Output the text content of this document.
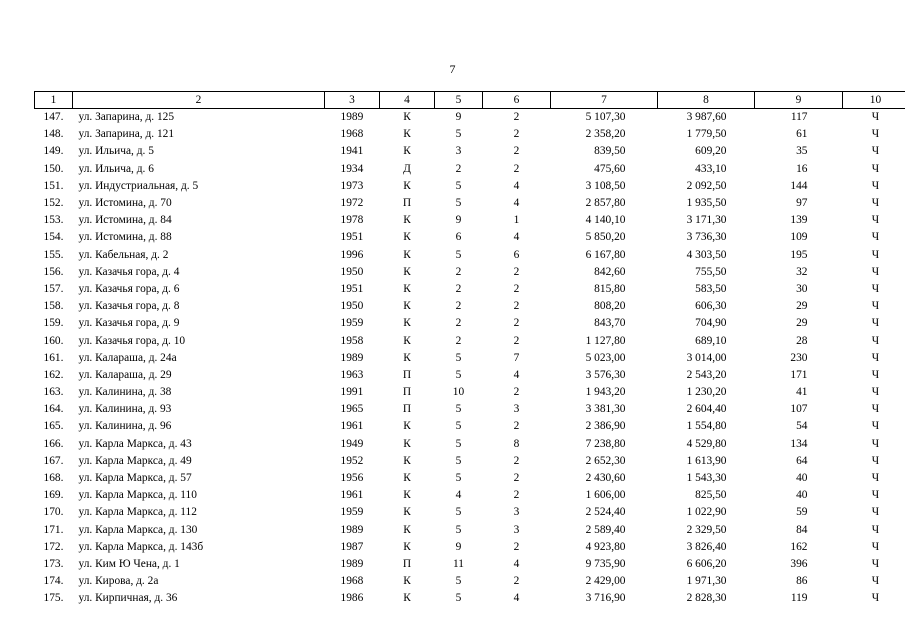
7
1	2	3	4	5	6	7	8	9	10
147.	ул. Запарина, д. 125	1989	К	9	2	5 107,30	3 987,60	117	Ч
148.	ул. Запарина, д. 121	1968	К	5	2	2 358,20	1 779,50	61	Ч
149.	ул. Ильича, д. 5	1941	К	3	2	839,50	609,20	35	Ч
150.	ул. Ильича, д. 6	1934	Д	2	2	475,60	433,10	16	Ч
151.	ул. Индустриальная, д. 5	1973	К	5	4	3 108,50	2 092,50	144	Ч
152.	ул. Истомина, д. 70	1972	П	5	4	2 857,80	1 935,50	97	Ч
153.	ул. Истомина, д. 84	1978	К	9	1	4 140,10	3 171,30	139	Ч
154.	ул. Истомина, д. 88	1951	К	6	4	5 850,20	3 736,30	109	Ч
155.	ул. Кабельная, д. 2	1996	К	5	6	6 167,80	4 303,50	195	Ч
156.	ул. Казачья гора, д. 4	1950	К	2	2	842,60	755,50	32	Ч
157.	ул. Казачья гора, д. 6	1951	К	2	2	815,80	583,50	30	Ч
158.	ул. Казачья гора, д. 8	1950	К	2	2	808,20	606,30	29	Ч
159.	ул. Казачья гора, д. 9	1959	К	2	2	843,70	704,90	29	Ч
160.	ул. Казачья гора, д. 10	1958	К	2	2	1 127,80	689,10	28	Ч
161.	ул. Калараша, д. 24а	1989	К	5	7	5 023,00	3 014,00	230	Ч
162.	ул. Калараша, д. 29	1963	П	5	4	3 576,30	2 543,20	171	Ч
163.	ул. Калинина, д. 38	1991	П	10	2	1 943,20	1 230,20	41	Ч
164.	ул. Калинина, д. 93	1965	П	5	3	3 381,30	2 604,40	107	Ч
165.	ул. Калинина, д. 96	1961	К	5	2	2 386,90	1 554,80	54	Ч
166.	ул. Карла Маркса, д. 43	1949	К	5	8	7 238,80	4 529,80	134	Ч
167.	ул. Карла Маркса, д. 49	1952	К	5	2	2 652,30	1 613,90	64	Ч
168.	ул. Карла Маркса, д. 57	1956	К	5	2	2 430,60	1 543,30	40	Ч
169.	ул. Карла Маркса, д. 110	1961	К	4	2	1 606,00	825,50	40	Ч
170.	ул. Карла Маркса, д. 112	1959	К	5	3	2 524,40	1 022,90	59	Ч
171.	ул. Карла Маркса, д. 130	1989	К	5	3	2 589,40	2 329,50	84	Ч
172.	ул. Карла Маркса, д. 143б	1987	К	9	2	4 923,80	3 826,40	162	Ч
173.	ул. Ким Ю Чена, д. 1	1989	П	11	4	9 735,90	6 606,20	396	Ч
174.	ул. Кирова, д. 2а	1968	К	5	2	2 429,00	1 971,30	86	Ч
175.	ул. Кирпичная, д. 36	1986	К	5	4	3 716,90	2 828,30	119	Ч
